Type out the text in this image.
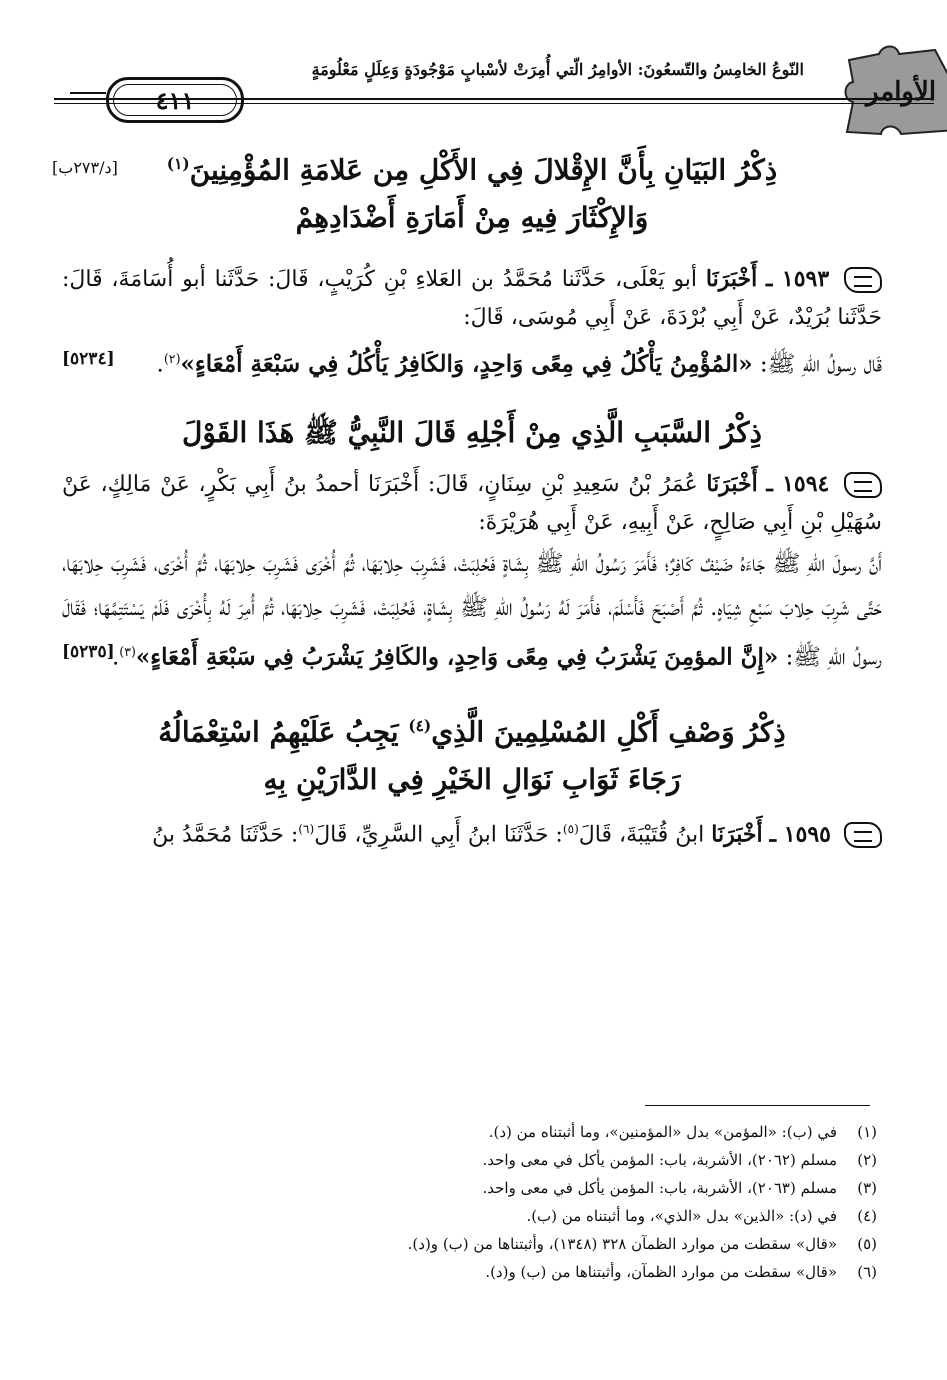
الأوامر
النّوعُ الخامِسُ والتّسعُونَ: الأوامِرُ الّتي أُمِرَتْ لأسْبابٍ مَوْجُودَةٍ وَعِلَلٍ مَعْلُومَةٍ
٤١١
ذِكْرُ البَيَانِ بِأَنَّ الإِقْلالَ فِي الأَكْلِ مِن عَلامَةِ المُؤْمِنِينَ$^{(١)}$
[د/٢٧٣ب]

وَالإِكْثَارَ فِيهِ مِنْ أَمَارَةِ أَضْدَادِهِمْ
١٥٩٣ ـ أَخْبَرَنَا أبو يَعْلَى، حَدَّثَنا مُحَمَّدُ بن العَلاءِ بْنِ كُرَيْبٍ، قَالَ: حَدَّثَنا أبو أُسَامَةَ، قَالَ: حَدَّثَنا بُرَيْدٌ، عَنْ أَبِي بُرْدَةَ، عَنْ أَبِي مُوسَى، قَالَ:
قَال رسولُ اللهِ ﷺ: «المُؤْمِنُ يَأْكُلُ فِي مِعًى وَاحِدٍ، وَالكَافِرُ يَأْكُلُ فِي سَبْعَةِ أَمْعَاءٍ»$^{(٢)}$.
[٥٢٣٤]
ذِكْرُ السَّبَبِ الَّذِي مِنْ أَجْلِهِ قَالَ النَّبِيُّ ﷺ هَذَا القَوْلَ
١٥٩٤ ـ أَخْبَرَنَا عُمَرُ بْنُ سَعِيدِ بْنِ سِنَانٍ، قَالَ: أَخْبَرَنَا أحمدُ بنُ أَبِي بَكْرٍ، عَنْ مَالِكٍ، عَنْ سُهَيْلِ بْنِ أَبِي صَالِحٍ، عَنْ أَبِيهِ، عَنْ أَبِي هُرَيْرَةَ:
أَنَّ رسولَ اللهِ ﷺ جَاءَهُ ضَيْفٌ كَافِرٌ؛ فَأَمَرَ رَسُولُ اللهِ ﷺ بِشَاةٍ فَحُلِبَتْ، فَشَرِبَ حِلابَهَا، ثُمَّ أُخْرَى فَشَرِبَ حِلابَهَا، ثُمَّ أُخْرَى، فَشَرِبَ حِلابَهَا، حَتَّى شَرِبَ حِلابَ سَبْعِ شِيَاهٍ. ثُمَّ أَصْبَحَ فَأَسْلَمَ، فأَمَرَ لَهُ رَسُولُ اللهِ ﷺ بِشَاةٍ، فَحُلِبَتْ، فَشَرِبَ حِلابَهَا، ثُمَّ أُمِرَ لَهُ بِأُخْرَى فَلَمْ يَسْتَتِمَّهَا؛ فَقَالَ رسولُ اللهِ ﷺ: «إِنَّ المؤمِنَ يَشْرَبُ فِي مِعًى وَاحِدٍ، والكَافِرُ يَشْرَبُ فِي سَبْعَةِ أَمْعَاءٍ»$^{(٣)}$.
[٥٢٣٥]
ذِكْرُ وَصْفِ أَكْلِ المُسْلِمِينَ الَّذِي$^{(٤)}$ يَجِبُ عَلَيْهِمُ اسْتِعْمَالُهُ
رَجَاءَ ثَوَابِ نَوَالِ الخَيْرِ فِي الدَّارَيْنِ بِهِ
١٥٩٥ ـ أَخْبَرَنَا ابنُ قُتَيْبَةَ، قَالَ$^{(٥)}$: حَدَّثَنَا ابنُ أَبِي السَّرِيِّ، قَالَ$^{(٦)}$: حَدَّثَنَا مُحَمَّدُ بنُ
(١)
في (ب): «المؤمن» بدل «المؤمنين»، وما أثبتناه من (د).
(٢)
مسلم (٢٠٦٢)، الأشربة، باب: المؤمن يأكل في معى واحد.
(٣)
مسلم (٢٠٦٣)، الأشربة، باب: المؤمن يأكل في معى واحد.
(٤)
في (د): «الذين» بدل «الذي»، وما أثبتناه من (ب).
(٥)
«قال» سقطت من موارد الظمآن ٣٢٨ (١٣٤٨)، وأثبتناها من (ب) و(د).
(٦)
«قال» سقطت من موارد الظمآن، وأثبتناها من (ب) و(د).
